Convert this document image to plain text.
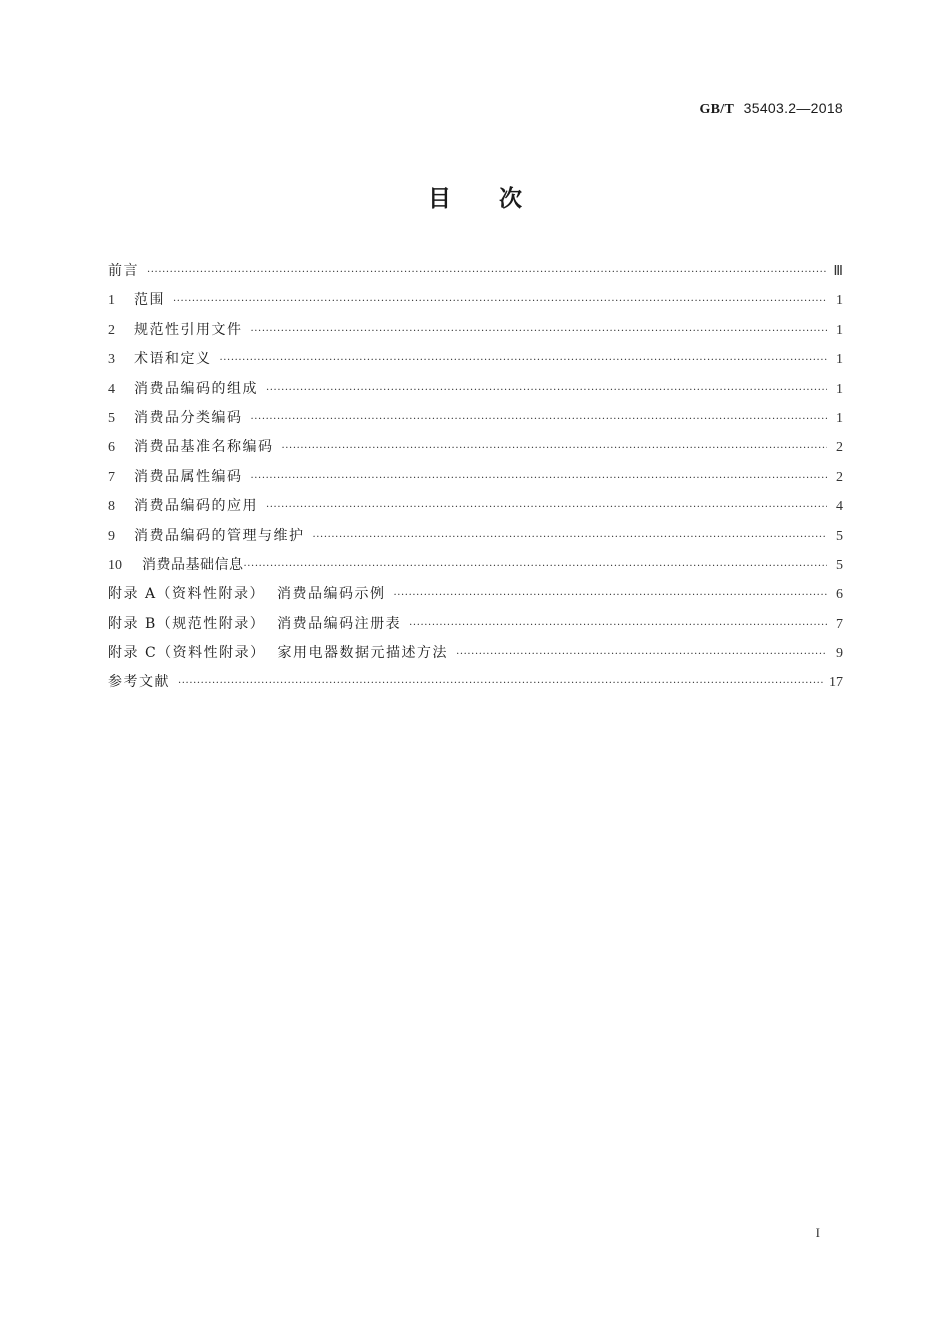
GB/T 35403.2—2018
目次
前言 ·····	Ⅲ
1	范围 ·····	1
2	规范性引用文件 ·····	1
3	术语和定义 ·····	1
4	消费品编码的组成 ·····	1
5	消费品分类编码 ·····	1
6	消费品基准名称编码 ·····	2
7	消费品属性编码 ·····	2
8	消费品编码的应用 ·····	4
9	消费品编码的管理与维护 ·····	5
10	消费品基础信息 ·····	5
附录 A（资料性附录）  消费品编码示例 ·····	6
附录 B（规范性附录）  消费品编码注册表 ·····	7
附录 C（资料性附录）  家用电器数据元描述方法 ·····	9
参考文献 ·····	17
I
